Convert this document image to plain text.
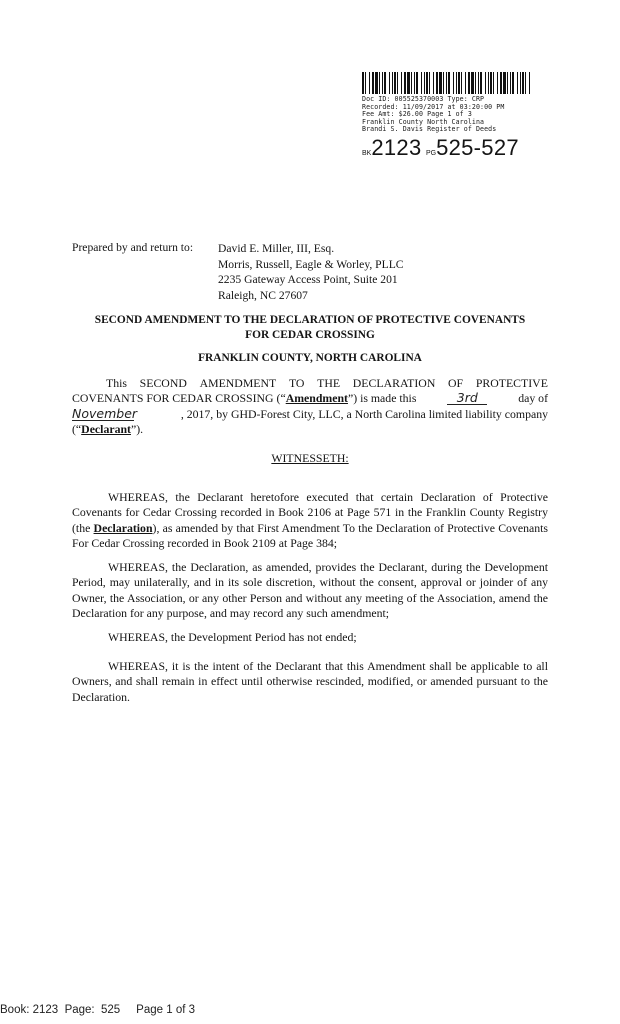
Doc ID: 005525370003 Type: CRP
Recorded: 11/09/2017 at 03:20:00 PM
Fee Amt: $26.00 Page 1 of 3
Franklin County North Carolina
Brandi S. Davis Register of Deeds
BK2123 PG525-527
Prepared by and return to: David E. Miller, III, Esq.
Morris, Russell, Eagle & Worley, PLLC
2235 Gateway Access Point, Suite 201
Raleigh, NC 27607
SECOND AMENDMENT TO THE DECLARATION OF PROTECTIVE COVENANTS
FOR CEDAR CROSSING
FRANKLIN COUNTY, NORTH CAROLINA
This SECOND AMENDMENT TO THE DECLARATION OF PROTECTIVE
COVENANTS FOR CEDAR CROSSING (“Amendment”) is made this	3rd	day of
November	, 2017, by GHD-Forest City, LLC, a North Carolina limited liability company
(“Declarant”).
WITNESSETH:
WHEREAS, the Declarant heretofore executed that certain Declaration of Protective Covenants for Cedar Crossing recorded in Book 2106 at Page 571 in the Franklin County Registry (the Declaration), as amended by that First Amendment To the Declaration of Protective Covenants For Cedar Crossing recorded in Book 2109 at Page 384;
WHEREAS, the Declaration, as amended, provides the Declarant, during the Development Period, may unilaterally, and in its sole discretion, without the consent, approval or joinder of any Owner, the Association, or any other Person and without any meeting of the Association, amend the Declaration for any purpose, and may record any such amendment;
WHEREAS, the Development Period has not ended;
WHEREAS, it is the intent of the Declarant that this Amendment shall be applicable to all Owners, and shall remain in effect until otherwise rescinded, modified, or amended pursuant to the Declaration.
Book: 2123  Page:  525     Page 1 of 3
